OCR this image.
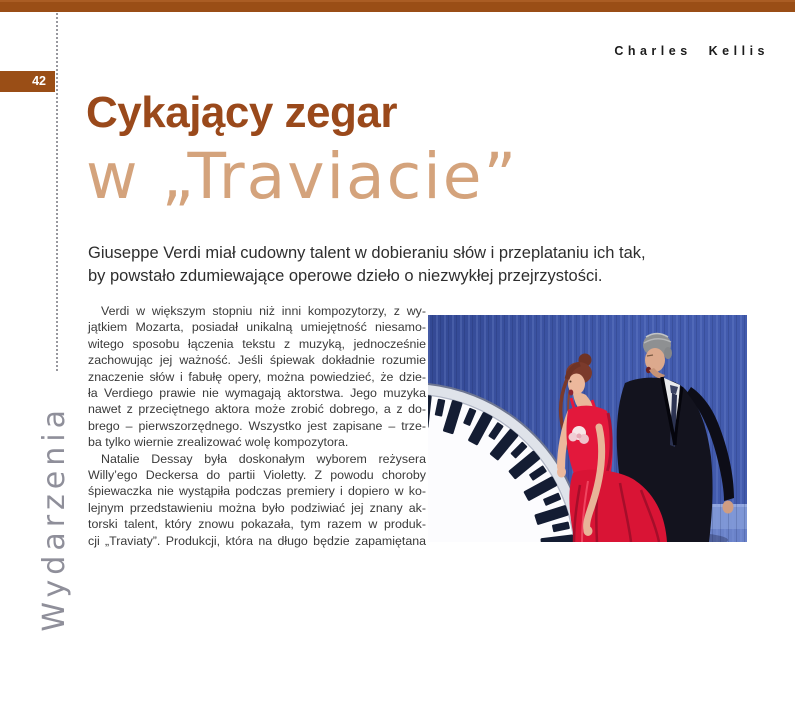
Charles Kellis
42
Wydarzenia
Cykający zegar
w „Traviacie”
Giuseppe Verdi miał cudowny talent w dobieraniu słów i przeplataniu ich tak,
by powstało zdumiewające operowe dzieło o niezwykłej przejrzystości.
Verdi w większym stopniu niż inni kompozytorzy, z wy-
jątkiem Mozarta, posiadał unikalną umiejętność niesamo-
witego sposobu łączenia tekstu z muzyką, jednocześnie
zachowując jej ważność. Jeśli śpiewak dokładnie rozumie
znaczenie słów i fabułę opery, można powiedzieć, że dzie-
ła Verdiego prawie nie wymagają aktorstwa. Jego muzyka
nawet z przeciętnego aktora może zrobić dobrego, a z do-
brego – pierwszorzędnego. Wszystko jest zapisane – trze-
ba tylko wiernie zrealizować wolę kompozytora.
Natalie Dessay była doskonałym wyborem reżysera
Willy’ego Deckersa do partii Violetty. Z powodu choroby
śpiewaczka nie wystąpiła podczas premiery i dopiero w ko-
lejnym przedstawieniu można było podziwiać jej znany ak-
torski talent, który znowu pokazała, tym razem w produk-
cji „Traviaty”. Produkcji, która na długo będzie zapamiętana
